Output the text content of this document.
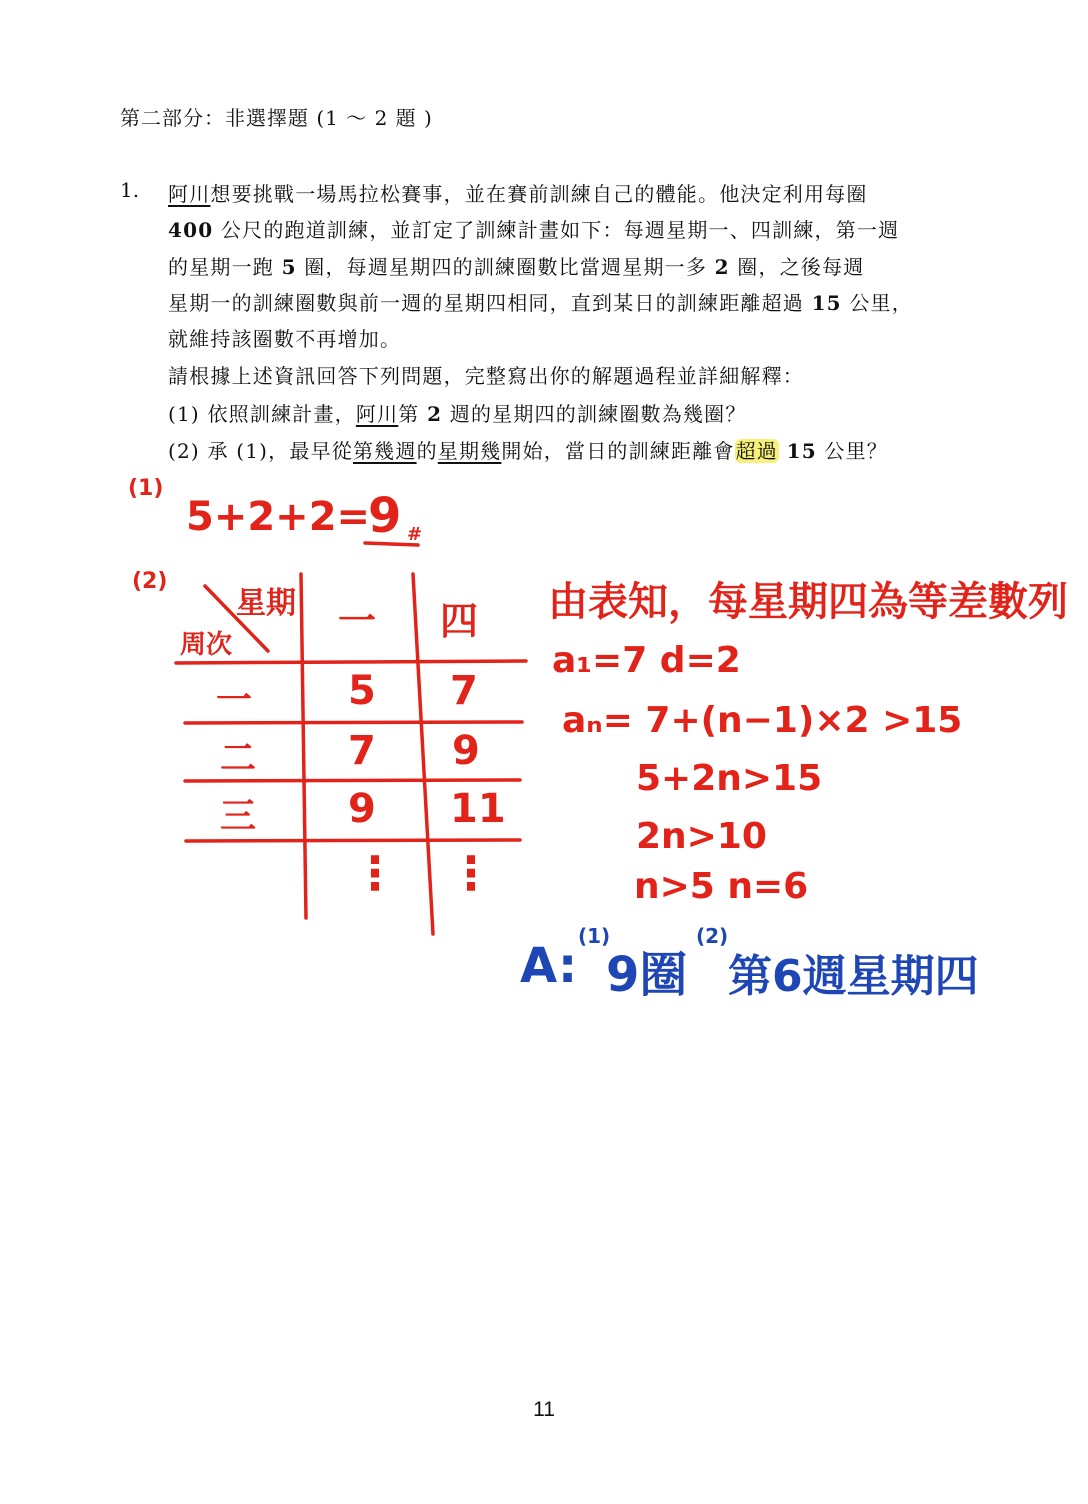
第二部分：非選擇題 (1 ～ 2 題 )
1. 阿川想要挑戰一場馬拉松賽事，並在賽前訓練自己的體能。他決定利用每圈
400 公尺的跑道訓練，並訂定了訓練計畫如下：每週星期一、四訓練，第一週
的星期一跑 5 圈，每週星期四的訓練圈數比當週星期一多 2 圈，之後每週
星期一的訓練圈數與前一週的星期四相同，直到某日的訓練距離超過 15 公里，
就維持該圈數不再增加。
請根據上述資訊回答下列問題，完整寫出你的解題過程並詳細解釋：
(1) 依照訓練計畫，阿川第 2 週的星期四的訓練圈數為幾圈？
(2) 承 (1)，最早從第幾週的星期幾開始，當日的訓練距離會超過 15 公里？
(1)
5+2+2=
9 #
(2)
星期
周次
一 四
一 5 7
二 7 9
三 9 11
⋮ ⋮
由表知，每星期四為等差數列
a₁=7 d=2
aₙ= 7+(n−1)×2 >15
5+2n>15
2n>10
n>5 n=6
A:
(1)
9圈
(2)
第6週星期四
11
